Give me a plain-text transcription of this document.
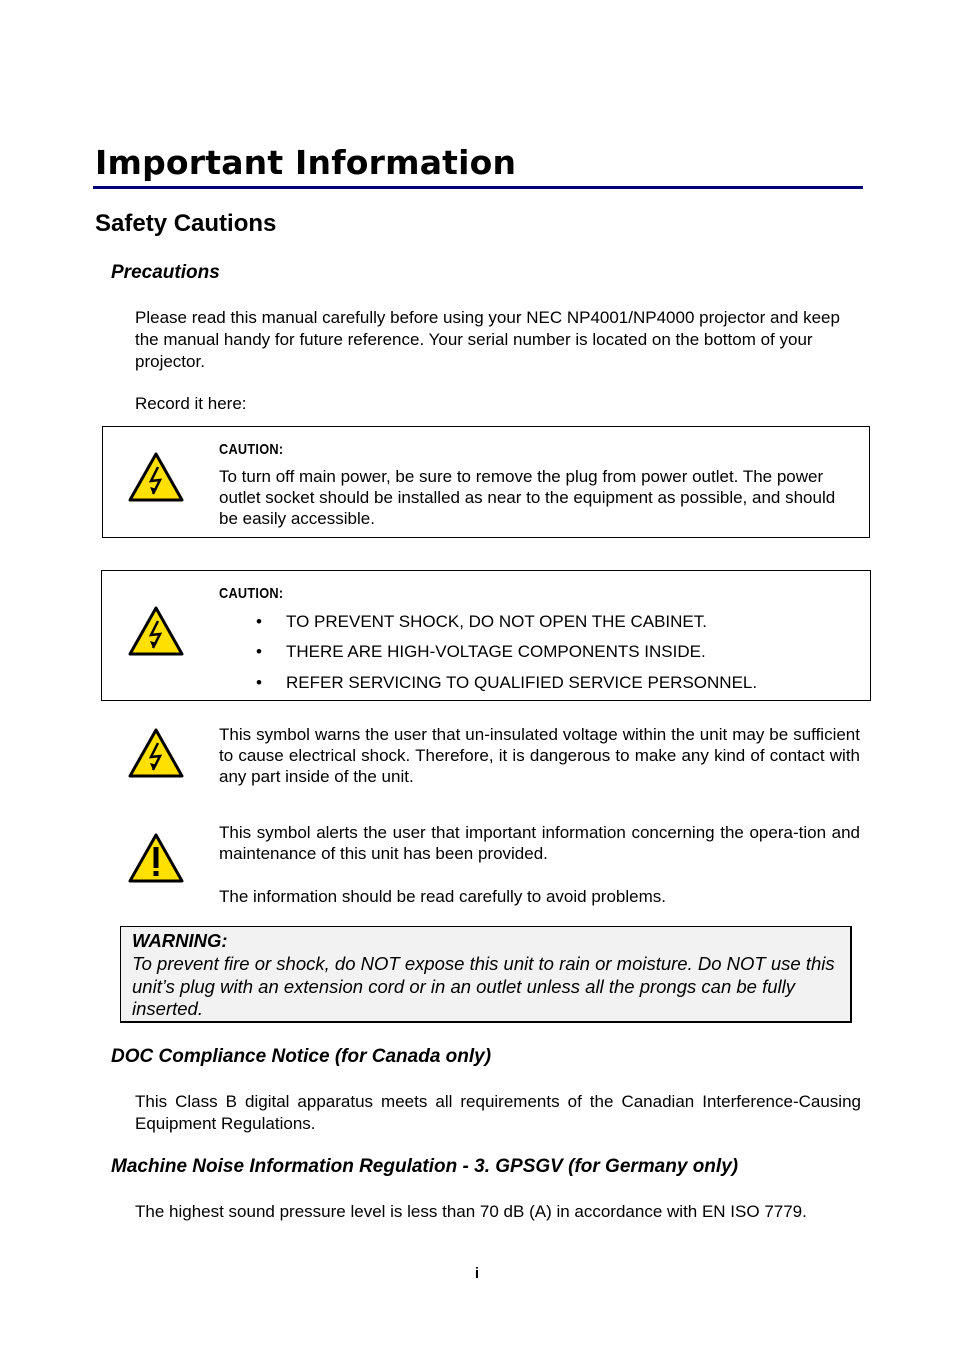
Important Information
Safety Cautions
Precautions
Please read this manual carefully before using your NEC NP4001/NP4000 projector and keep the manual handy for future reference. Your serial number is located on the bottom of your projector.
Record it here:
CAUTION:
To turn off main power, be sure to remove the plug from power outlet. The power outlet socket should be installed as near to the equipment as possible, and should be easily accessible.
CAUTION:
• TO PREVENT SHOCK, DO NOT OPEN THE CABINET.
• THERE ARE HIGH-VOLTAGE COMPONENTS INSIDE.
• REFER SERVICING TO QUALIFIED SERVICE PERSONNEL.
This symbol warns the user that un-insulated voltage within the unit may be sufficient to cause electrical shock. Therefore, it is dangerous to make any kind of contact with any part inside of the unit.
This symbol alerts the user that important information concerning the opera-tion and maintenance of this unit has been provided.
The information should be read carefully to avoid problems.
WARNING:
To prevent fire or shock, do NOT expose this unit to rain or moisture. Do NOT use this unit’s plug with an extension cord or in an outlet unless all the prongs can be fully inserted.
DOC Compliance Notice (for Canada only)
This Class B digital apparatus meets all requirements of the Canadian Interference-Causing Equipment Regulations.
Machine Noise Information Regulation - 3. GPSGV (for Germany only)
The highest sound pressure level is less than 70 dB (A) in accordance with EN ISO 7779.
i
